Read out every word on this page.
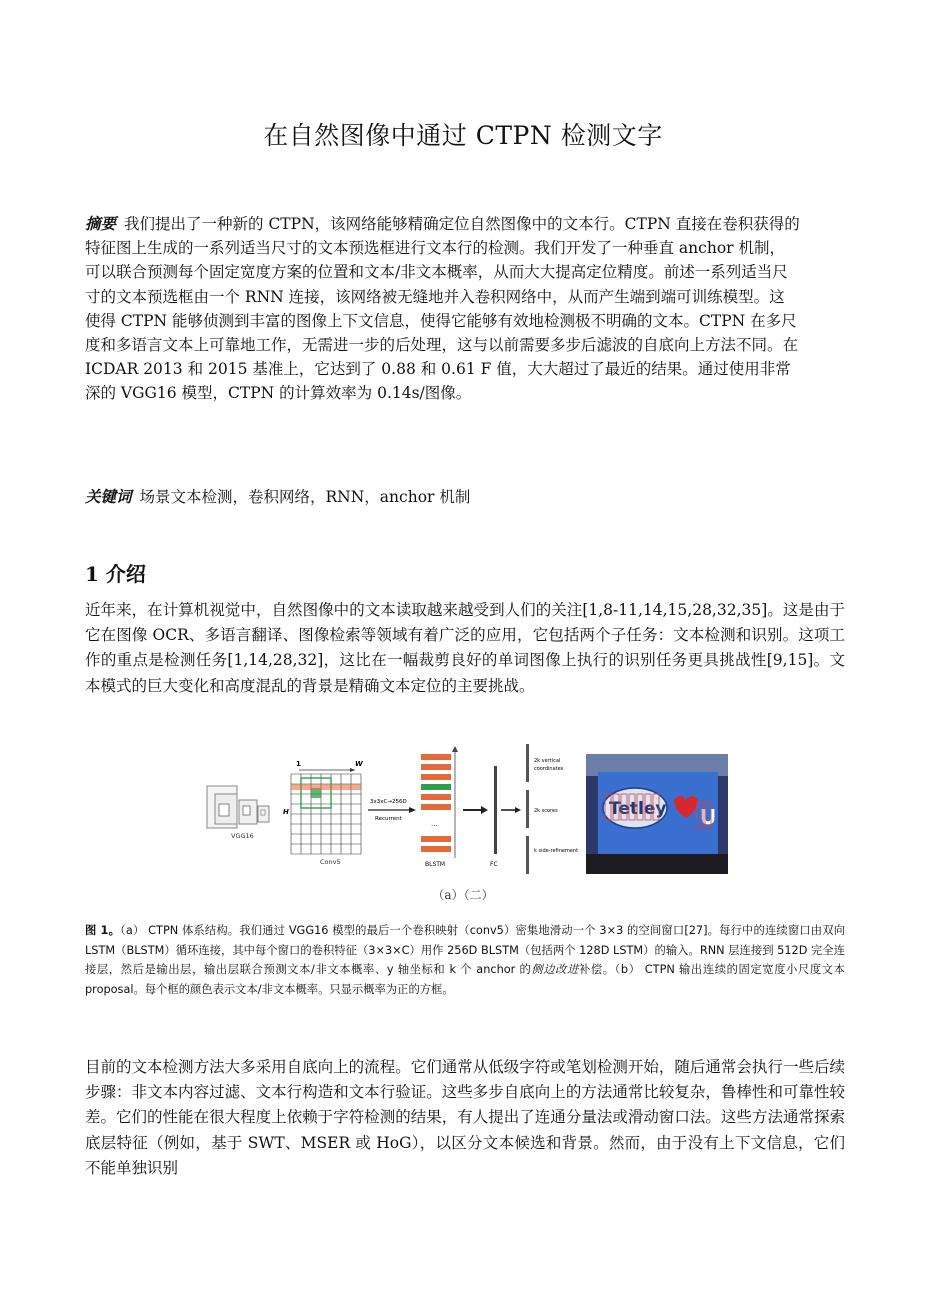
在自然图像中通过 CTPN 检测文字
摘要 我们提出了一种新的 CTPN，该网络能够精确定位自然图像中的文本行。CTPN 直接在卷积获得的特征图上生成的一系列适当尺寸的文本预选框进行文本行的检测。我们开发了一种垂直 anchor 机制，可以联合预测每个固定宽度方案的位置和文本/非文本概率，从而大大提高定位精度。前述一系列适当尺寸的文本预选框由一个 RNN 连接，该网络被无缝地并入卷积网络中，从而产生端到端可训练模型。这使得 CTPN 能够侦测到丰富的图像上下文信息，使得它能够有效地检测极不明确的文本。CTPN 在多尺度和多语言文本上可靠地工作，无需进一步的后处理，这与以前需要多步后滤波的自底向上方法不同。在 ICDAR 2013 和 2015 基准上，它达到了 0.88 和 0.61 F 值，大大超过了最近的结果。通过使用非常深的 VGG16 模型，CTPN 的计算效率为 0.14s/图像。
关键词 场景文本检测，卷积网络，RNN，anchor 机制
1 介绍
近年来，在计算机视觉中，自然图像中的文本读取越来越受到人们的关注[1,8-11,14,15,28,32,35]。这是由于它在图像 OCR、多语言翻译、图像检索等领域有着广泛的应用，它包括两个子任务：文本检测和识别。这项工作的重点是检测任务[1,14,28,32]，这比在一幅裁剪良好的单词图像上执行的识别任务更具挑战性[9,15]。文本模式的巨大变化和高度混乱的背景是精确文本定位的主要挑战。
VGG16
1	W
H
Conv5
3x3xC→256D
Recurrent
...
BLSTM	FC
2k vertical
coordinates
2k scores
k side-refinement
Tetley U
（a）（二）
图 1。（a） CTPN 体系结构。我们通过 VGG16 模型的最后一个卷积映射（conv5）密集地滑动一个 3×3 的空间窗口[27]。每行中的连续窗口由双向 LSTM（BLSTM）循环连接，其中每个窗口的卷积特征（3×3×C）用作 256D BLSTM（包括两个 128D LSTM）的输入。RNN 层连接到 512D 完全连接层，然后是输出层，输出层联合预测文本/非文本概率、y 轴坐标和 k 个 anchor 的侧边改进补偿。（b） CTPN 输出连续的固定宽度小尺度文本 proposal。每个框的颜色表示文本/非文本概率。只显示概率为正的方框。
目前的文本检测方法大多采用自底向上的流程。它们通常从低级字符或笔划检测开始，随后通常会执行一些后续步骤：非文本内容过滤、文本行构造和文本行验证。这些多步自底向上的方法通常比较复杂，鲁棒性和可靠性较差。它们的性能在很大程度上依赖于字符检测的结果，有人提出了连通分量法或滑动窗口法。这些方法通常探索底层特征（例如，基于 SWT、MSER 或 HoG），以区分文本候选和背景。然而，由于没有上下文信息，它们不能单独识别
